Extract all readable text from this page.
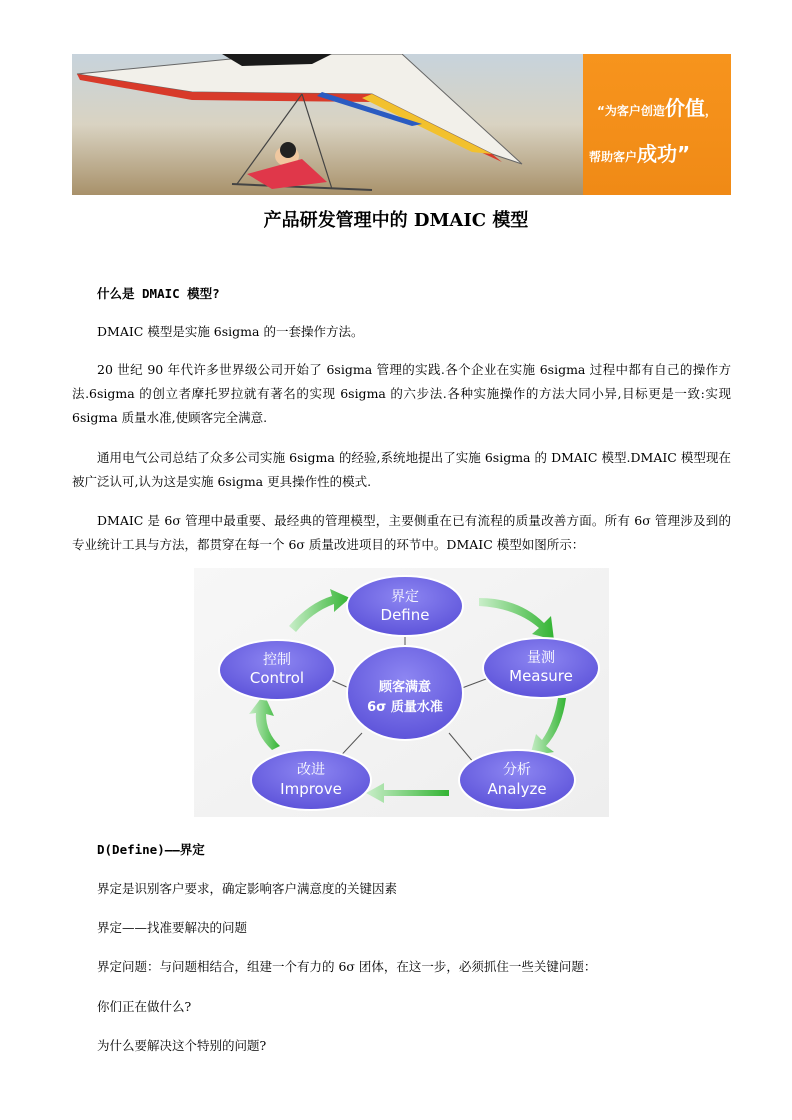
“为客户创造价值，
帮助客户成功”
产品研发管理中的 DMAIC 模型
什么是 DMAIC 模型?
DMAIC 模型是实施 6sigma 的一套操作方法。
20 世纪 90 年代许多世界级公司开始了 6sigma 管理的实践.各个企业在实施 6sigma 过程中都有自己的操作方法.6sigma 的创立者摩托罗拉就有著名的实现 6sigma 的六步法.各种实施操作的方法大同小异,目标更是一致:实现 6sigma 质量水准,使顾客完全满意.
通用电气公司总结了众多公司实施 6sigma 的经验,系统地提出了实施 6sigma 的 DMAIC 模型.DMAIC 模型现在被广泛认可,认为这是实施 6sigma 更具操作性的模式.
DMAIC 是 6σ 管理中最重要、最经典的管理模型，主要侧重在已有流程的质量改善方面。所有 6σ 管理涉及到的专业统计工具与方法，都贯穿在每一个 6σ 质量改进项目的环节中。DMAIC 模型如图所示：
顾客满意
6σ 质量水准
界定
Define
量测
Measure
分析
Analyze
改进
Improve
控制
Control
D(Define)——界定
界定是识别客户要求，确定影响客户满意度的关键因素
界定——找准要解决的问题
界定问题：与问题相结合，组建一个有力的 6σ 团体，在这一步，必须抓住一些关键问题：
你们正在做什么?
为什么要解决这个特别的问题?
